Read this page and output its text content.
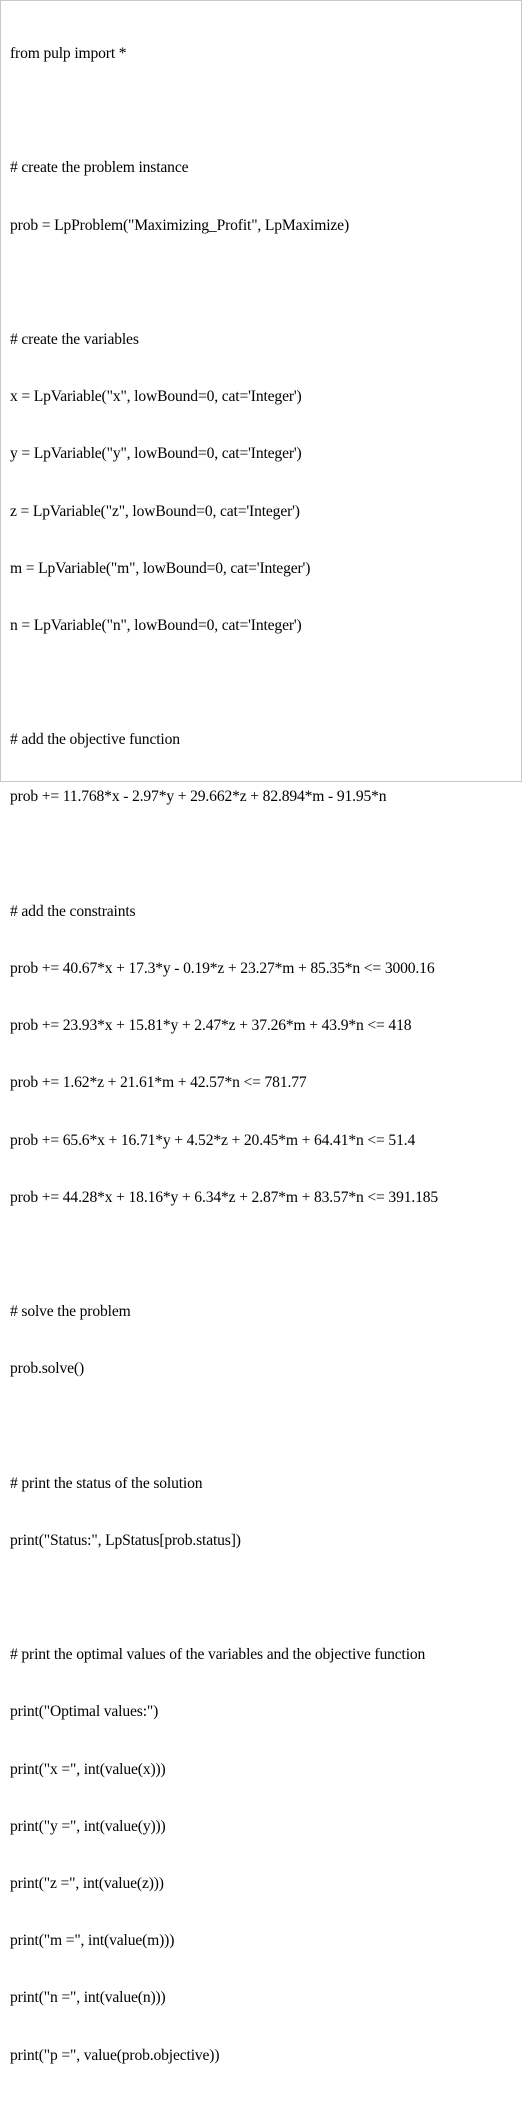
from pulp import *

# create the problem instance

prob = LpProblem("Maximizing_Profit", LpMaximize)

# create the variables

x = LpVariable("x", lowBound=0, cat='Integer')

y = LpVariable("y", lowBound=0, cat='Integer')

z = LpVariable("z", lowBound=0, cat='Integer')

m = LpVariable("m", lowBound=0, cat='Integer')

n = LpVariable("n", lowBound=0, cat='Integer')

# add the objective function

prob += 11.768*x - 2.97*y + 29.662*z + 82.894*m - 91.95*n

# add the constraints

prob += 40.67*x + 17.3*y - 0.19*z + 23.27*m + 85.35*n <= 3000.16

prob += 23.93*x + 15.81*y + 2.47*z + 37.26*m + 43.9*n <= 418

prob += 1.62*z + 21.61*m + 42.57*n <= 781.77

prob += 65.6*x + 16.71*y + 4.52*z + 20.45*m + 64.41*n <= 51.4

prob += 44.28*x + 18.16*y + 6.34*z + 2.87*m + 83.57*n <= 391.185

# solve the problem

prob.solve()

# print the status of the solution

print("Status:", LpStatus[prob.status])

# print the optimal values of the variables and the objective function

print("Optimal values:")

print("x =", int(value(x)))

print("y =", int(value(y)))

print("z =", int(value(z)))

print("m =", int(value(m)))

print("n =", int(value(n)))

print("p =", value(prob.objective))
